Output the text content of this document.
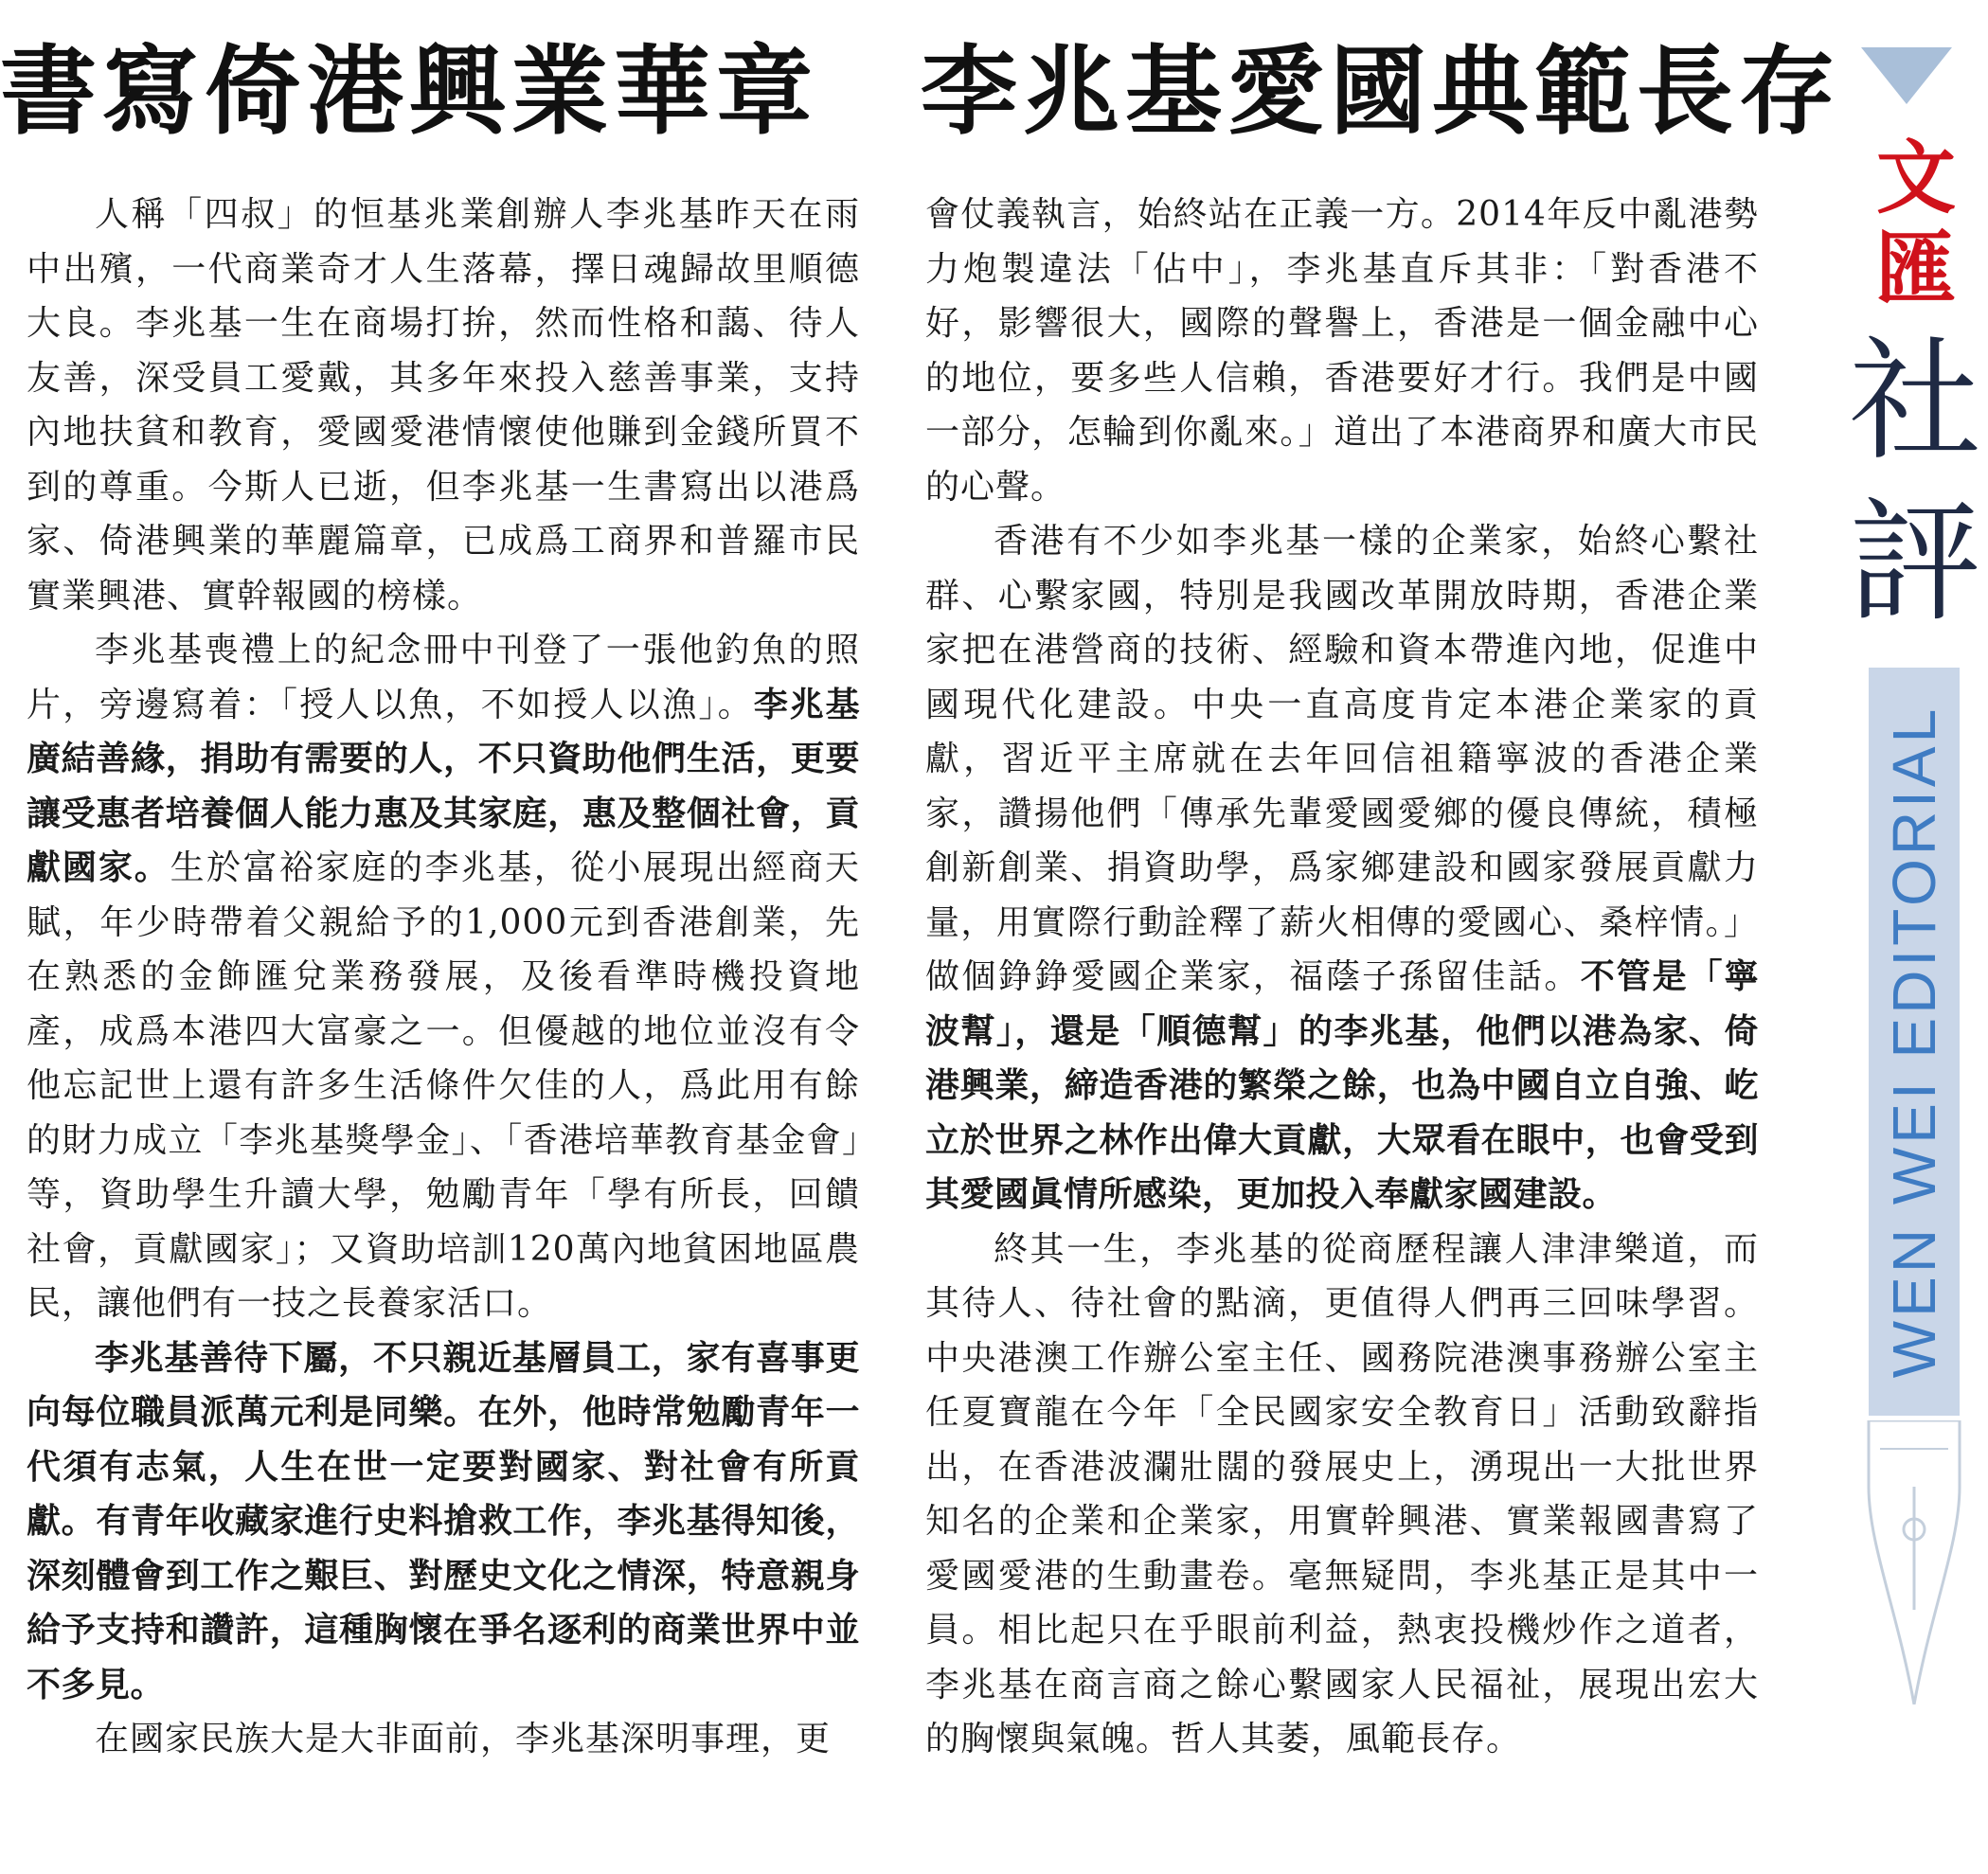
書寫倚港興業華章　李兆基愛國典範長存

人稱「四叔」的恒基兆業創辦人李兆基昨天在雨中出殯，一代商業奇才人生落幕，擇日魂歸故里順德大良。李兆基一生在商場打拚，然而性格和藹、待人友善，深受員工愛戴，其多年來投入慈善事業，支持內地扶貧和教育，愛國愛港情懷使他賺到金錢所買不到的尊重。今斯人已逝，但李兆基一生書寫出以港爲家、倚港興業的華麗篇章，已成爲工商界和普羅市民實業興港、實幹報國的榜樣。

李兆基喪禮上的紀念冊中刊登了一張他釣魚的照片，旁邊寫着：「授人以魚，不如授人以漁」。李兆基廣結善緣，捐助有需要的人，不只資助他們生活，更要讓受惠者培養個人能力惠及其家庭，惠及整個社會，貢獻國家。生於富裕家庭的李兆基，從小展現出經商天賦，年少時帶着父親給予的1,000元到香港創業，先在熟悉的金飾匯兌業務發展，及後看準時機投資地產，成爲本港四大富豪之一。但優越的地位並沒有令他忘記世上還有許多生活條件欠佳的人，爲此用有餘的財力成立「李兆基獎學金」、「香港培華教育基金會」等，資助學生升讀大學，勉勵青年「學有所長，回饋社會，貢獻國家」；又資助培訓120萬內地貧困地區農民，讓他們有一技之長養家活口。

李兆基善待下屬，不只親近基層員工，家有喜事更向每位職員派萬元利是同樂。在外，他時常勉勵青年一代須有志氣，人生在世一定要對國家、對社會有所貢獻。有青年收藏家進行史料搶救工作，李兆基得知後，深刻體會到工作之艱巨、對歷史文化之情深，特意親身給予支持和讚許，這種胸懷在爭名逐利的商業世界中並不多見。

在國家民族大是大非面前，李兆基深明事理，更

會仗義執言，始終站在正義一方。2014年反中亂港勢力炮製違法「佔中」，李兆基直斥其非：「對香港不好，影響很大，國際的聲譽上，香港是一個金融中心的地位，要多些人信賴，香港要好才行。我們是中國一部分，怎輪到你亂來。」道出了本港商界和廣大市民的心聲。

香港有不少如李兆基一樣的企業家，始終心繫社群、心繫家國，特別是我國改革開放時期，香港企業家把在港營商的技術、經驗和資本帶進內地，促進中國現代化建設。中央一直高度肯定本港企業家的貢獻，習近平主席就在去年回信祖籍寧波的香港企業家，讚揚他們「傳承先輩愛國愛鄉的優良傳統，積極創新創業、捐資助學，爲家鄉建設和國家發展貢獻力量，用實際行動詮釋了薪火相傳的愛國心、桑梓情。」做個錚錚愛國企業家，福蔭子孫留佳話。不管是「寧波幫」，還是「順德幫」的李兆基，他們以港為家、倚港興業，締造香港的繁榮之餘，也為中國自立自強、屹立於世界之林作出偉大貢獻，大眾看在眼中，也會受到其愛國眞情所感染，更加投入奉獻家國建設。

終其一生，李兆基的從商歷程讓人津津樂道，而其待人、待社會的點滴，更值得人們再三回味學習。中央港澳工作辦公室主任、國務院港澳事務辦公室主任夏寶龍在今年「全民國家安全教育日」活動致辭指出，在香港波瀾壯闊的發展史上，湧現出一大批世界知名的企業和企業家，用實幹興港、實業報國書寫了愛國愛港的生動畫卷。毫無疑問，李兆基正是其中一員。相比起只在乎眼前利益，熱衷投機炒作之道者，李兆基在商言商之餘心繫國家人民福祉，展現出宏大的胸懷與氣魄。哲人其萎，風範長存。

文匯
社評
WEN WEI EDITORIAL
